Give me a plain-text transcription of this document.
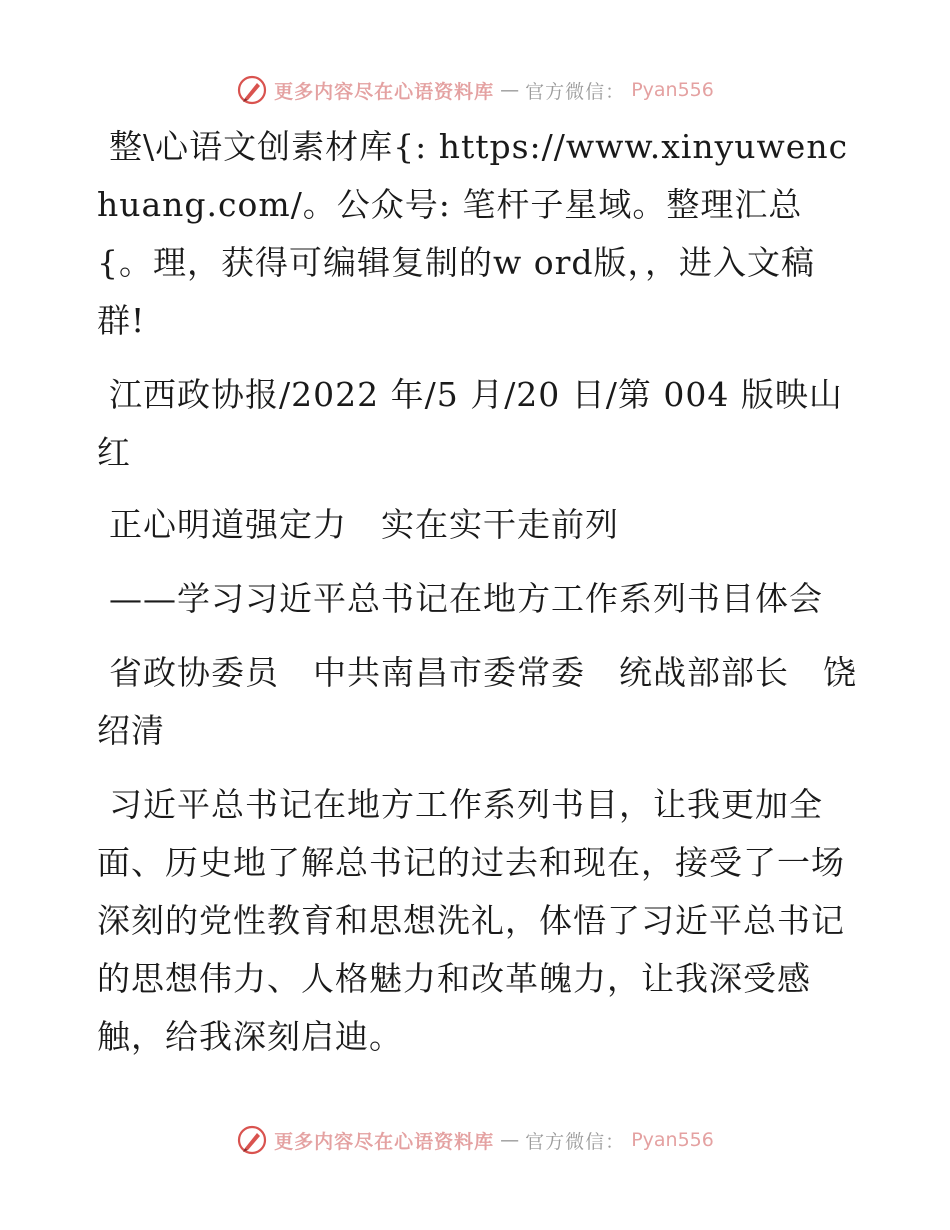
更多内容尽在心语资料库 — 官方微信： Pyan556

整\心语文创素材库{: https://www.xinyuwenchuang.com/。公众号: 笔杆子星域。整理汇总{。理，获得可编辑复制的w ord版，，进入文稿群!

江西政协报/2022 年/5 月/20 日/第 004 版映山红

正心明道强定力　实在实干走前列

——学习习近平总书记在地方工作系列书目体会

省政协委员　中共南昌市委常委　统战部部长　饶绍清

习近平总书记在地方工作系列书目，让我更加全面、历史地了解总书记的过去和现在，接受了一场深刻的党性教育和思想洗礼，体悟了习近平总书记的思想伟力、人格魅力和改革魄力，让我深受感触，给我深刻启迪。

更多内容尽在心语资料库 — 官方微信： Pyan556
